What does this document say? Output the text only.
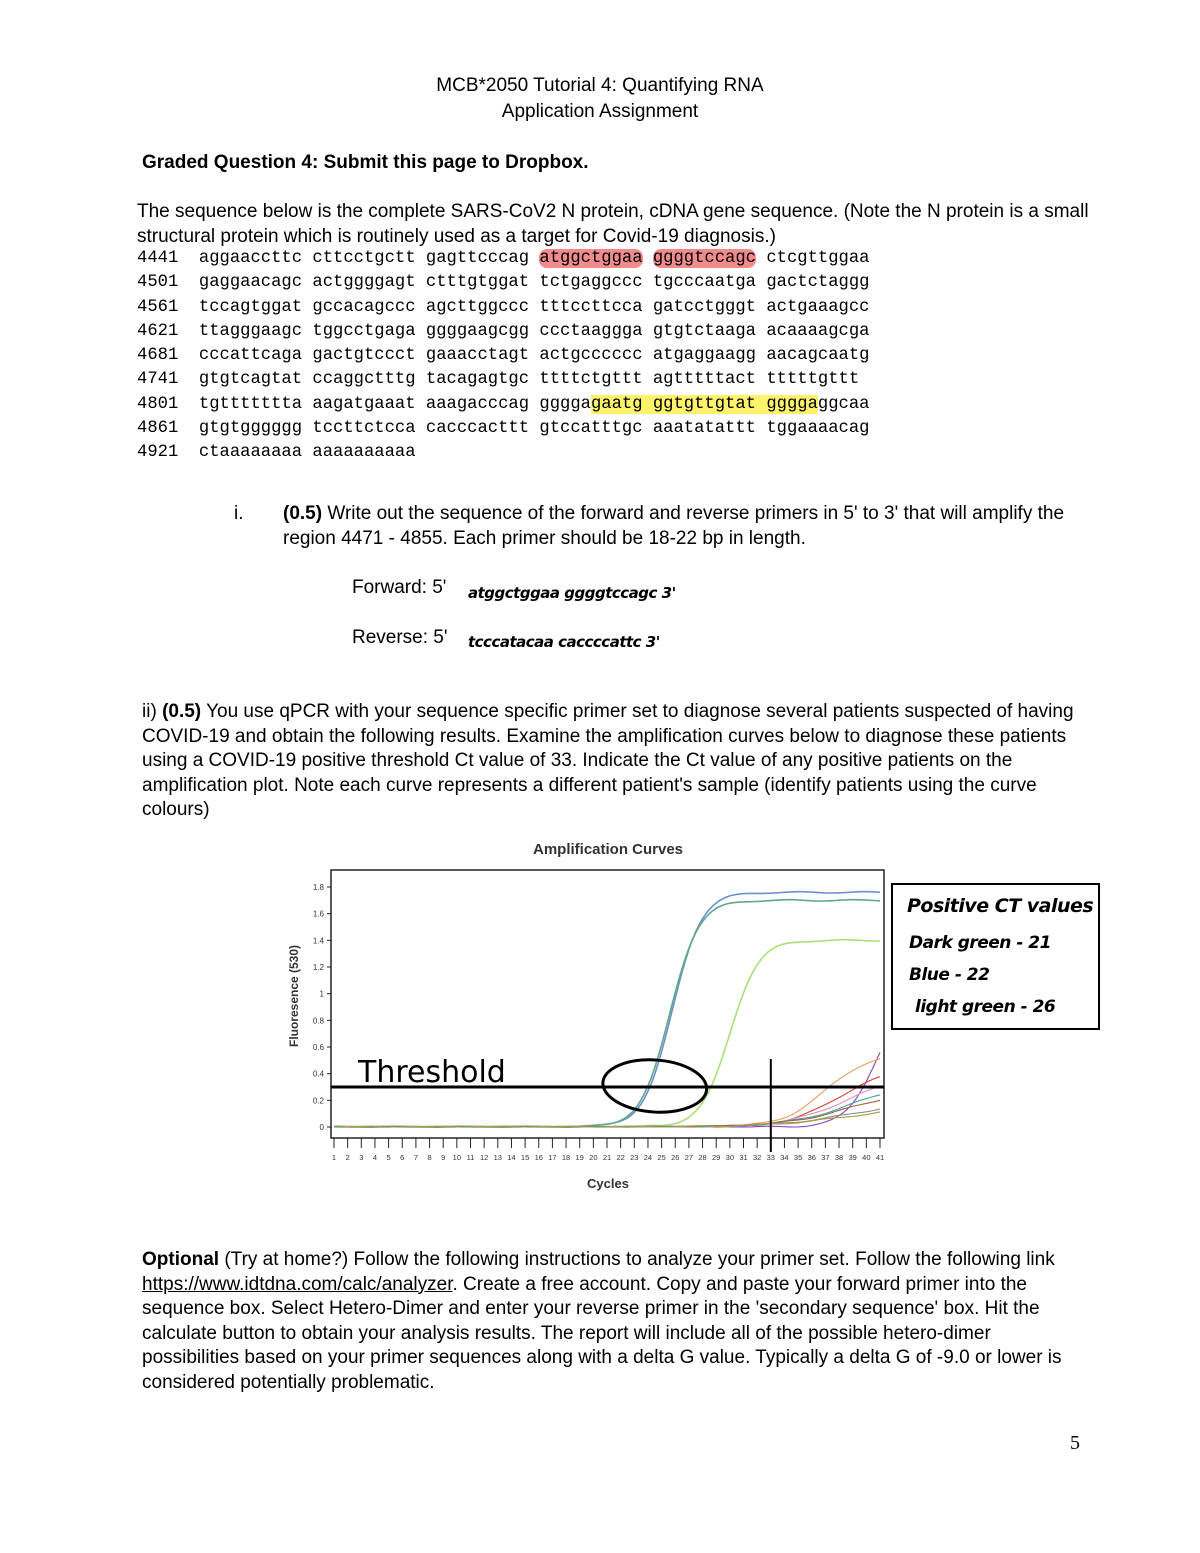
MCB*2050 Tutorial 4: Quantifying RNA
Application Assignment
Graded Question 4: Submit this page to Dropbox.
The sequence below is the complete SARS-CoV2 N protein, cDNA gene sequence. (Note the N protein is a small structural protein which is routinely used as a target for Covid-19 diagnosis.)
4441 aggaaccttc cttcctgctt gagttcccag atggctggaa ggggtccagc ctcgttggaa
4501 gaggaacagc actggggagt ctttgtggat tctgaggccc tgcccaatga gactctaggg
4561 tccagtggat gccacagccc agcttggccc tttccttcca gatcctgggt actgaaagcc
4621 ttagggaagc tggcctgaga ggggaagcgg ccctaaggga gtgtctaaga acaaaagcga
4681 cccattcaga gactgtccct gaaacctagt actgcccccc atgaggaagg aacagcaatg
4741 gtgtcagtat ccaggctttg tacagagtgc ttttctgttt agtttttact tttttgttt
4801 tgttttttta aagatgaaat aaagacccag ggggagaatg ggtgttgtat ggggaggcaa
4861 gtgtgggggg tccttctcca cacccacttt gtccatttgc aaatatattt tggaaaacag
4921 ctaaaaaaaa aaaaaaaaaa
i. (0.5) Write out the sequence of the forward and reverse primers in 5' to 3' that will amplify the region 4471 - 4855. Each primer should be 18-22 bp in length.
Forward: 5' atggctggaa ggggtccagc 3'
Reverse: 5' tcccatacaa caccccattc 3'
ii) (0.5) You use qPCR with your sequence specific primer set to diagnose several patients suspected of having COVID-19 and obtain the following results. Examine the amplification curves below to diagnose these patients using a COVID-19 positive threshold Ct value of 33. Indicate the Ct value of any positive patients on the amplification plot. Note each curve represents a different patient's sample (identify patients using the curve colours)
Amplification Curves
0
0.2
0.4
0.6
0.8
1
1.2
1.4
1.6
1.8
1 2 3 4 5 6 7 8 9 10 11 12 13 14 15 16 17 18 19 20 21 22 23 24 25 26 27 28 29 30 31 32 33 34 35 36 37 38 39 40 41
Threshold
Fluoresence (530)
Cycles
Positive CT values
Dark green - 21
Blue - 22
light green - 26
Optional (Try at home?) Follow the following instructions to analyze your primer set. Follow the following link https://www.idtdna.com/calc/analyzer. Create a free account. Copy and paste your forward primer into the sequence box. Select Hetero-Dimer and enter your reverse primer in the 'secondary sequence' box. Hit the calculate button to obtain your analysis results. The report will include all of the possible hetero-dimer possibilities based on your primer sequences along with a delta G value. Typically a delta G of -9.0 or lower is considered potentially problematic.
5
